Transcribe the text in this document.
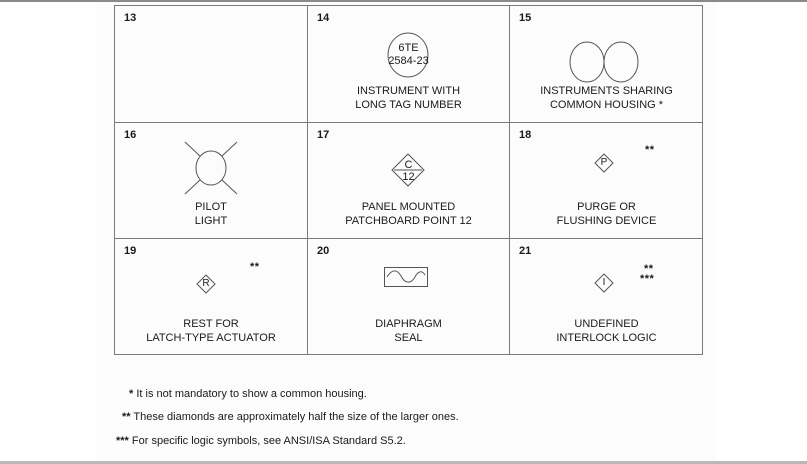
13	14
6TE
2584-23
INSTRUMENT WITH
LONG TAG NUMBER
15
INSTRUMENTS SHARING
COMMON HOUSING *
16
PILOT
LIGHT
17
C
12
PANEL MOUNTED
PATCHBOARD POINT 12
18
**
P
PURGE OR
FLUSHING DEVICE
19
**
R
REST FOR
LATCH-TYPE ACTUATOR
20
DIAPHRAGM
SEAL
21
**
***
I
UNDEFINED
INTERLOCK LOGIC
* It is not mandatory to show a common housing.
** These diamonds are approximately half the size of the larger ones.
*** For specific logic symbols, see ANSI/ISA Standard S5.2.
